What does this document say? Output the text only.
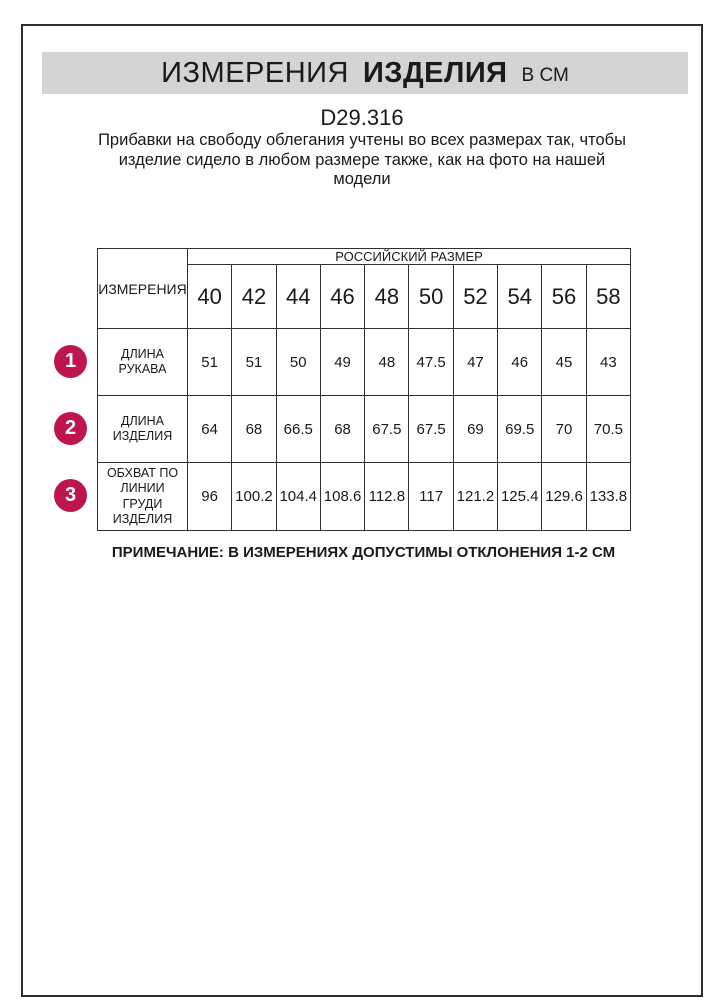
ИЗМЕРЕНИЯ ИЗДЕЛИЯ В СМ
D29.316
Прибавки на свободу облегания учтены во всех размерах так, чтобы
изделие сидело в любом размере также, как на фото на нашей
модели
ИЗМЕРЕНИЯ	РОССИЙСКИЙ РАЗМЕР									
	40	42	44	46	48	50	52	54	56	58
ДЛИНА РУКАВА	51	51	50	49	48	47.5	47	46	45	43
ДЛИНА ИЗДЕЛИЯ	64	68	66.5	68	67.5	67.5	69	69.5	70	70.5
ОБХВАТ ПО ЛИНИИ ГРУДИ ИЗДЕЛИЯ	96	100.2	104.4	108.6	112.8	117	121.2	125.4	129.6	133.8
1
2
3
ПРИМЕЧАНИЕ: В ИЗМЕРЕНИЯХ ДОПУСТИМЫ ОТКЛОНЕНИЯ 1-2 СМ
